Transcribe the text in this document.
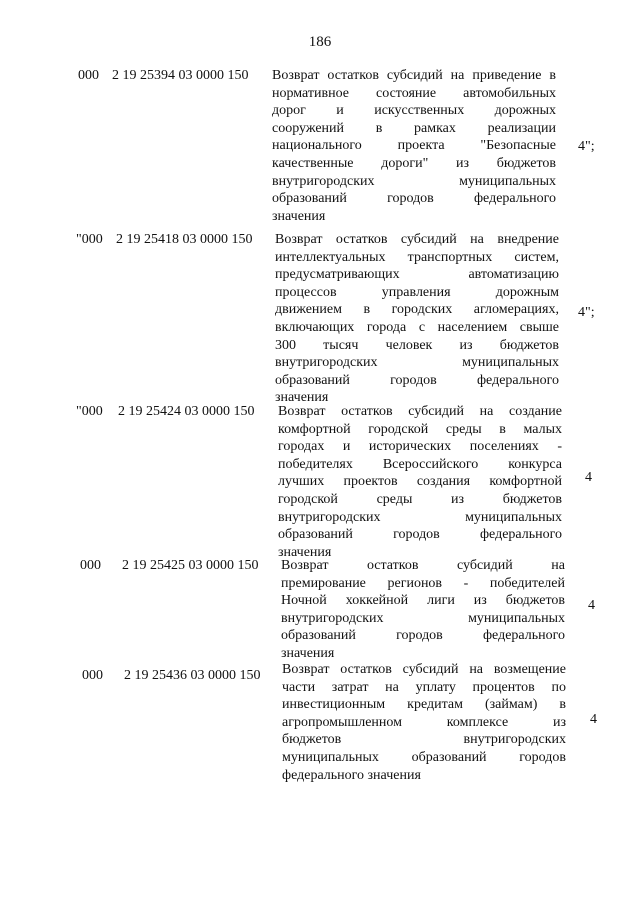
186
000 2 19 25394 03 0000 150 Возврат остатков субсидий на приведение в
нормативное состояние автомобильных
дорог и искусственных дорожных
сооружений в рамках реализации
национального проекта "Безопасные
качественные дороги" из бюджетов
внутригородских муниципальных
образований городов федерального
значения
4";
"000 2 19 25418 03 0000 150 Возврат остатков субсидий на внедрение
интеллектуальных транспортных систем,
предусматривающих автоматизацию
процессов управления дорожным
движением в городских агломерациях,
включающих города с населением свыше
300 тысяч человек из бюджетов
внутригородских муниципальных
образований городов федерального
значения
4";
"000 2 19 25424 03 0000 150 Возврат остатков субсидий на создание
комфортной городской среды в малых
городах и исторических поселениях -
победителях Всероссийского конкурса
лучших проектов создания комфортной
городской среды из бюджетов
внутригородских муниципальных
образований городов федерального
значения
4
000 2 19 25425 03 0000 150 Возврат остатков субсидий на
премирование регионов - победителей
Ночной хоккейной лиги из бюджетов
внутригородских муниципальных
образований городов федерального
значения
4
000 2 19 25436 03 0000 150 Возврат остатков субсидий на возмещение
части затрат на уплату процентов по
инвестиционным кредитам (займам) в
агропромышленном комплексе из
бюджетов внутригородских
муниципальных образований городов
федерального значения
4
